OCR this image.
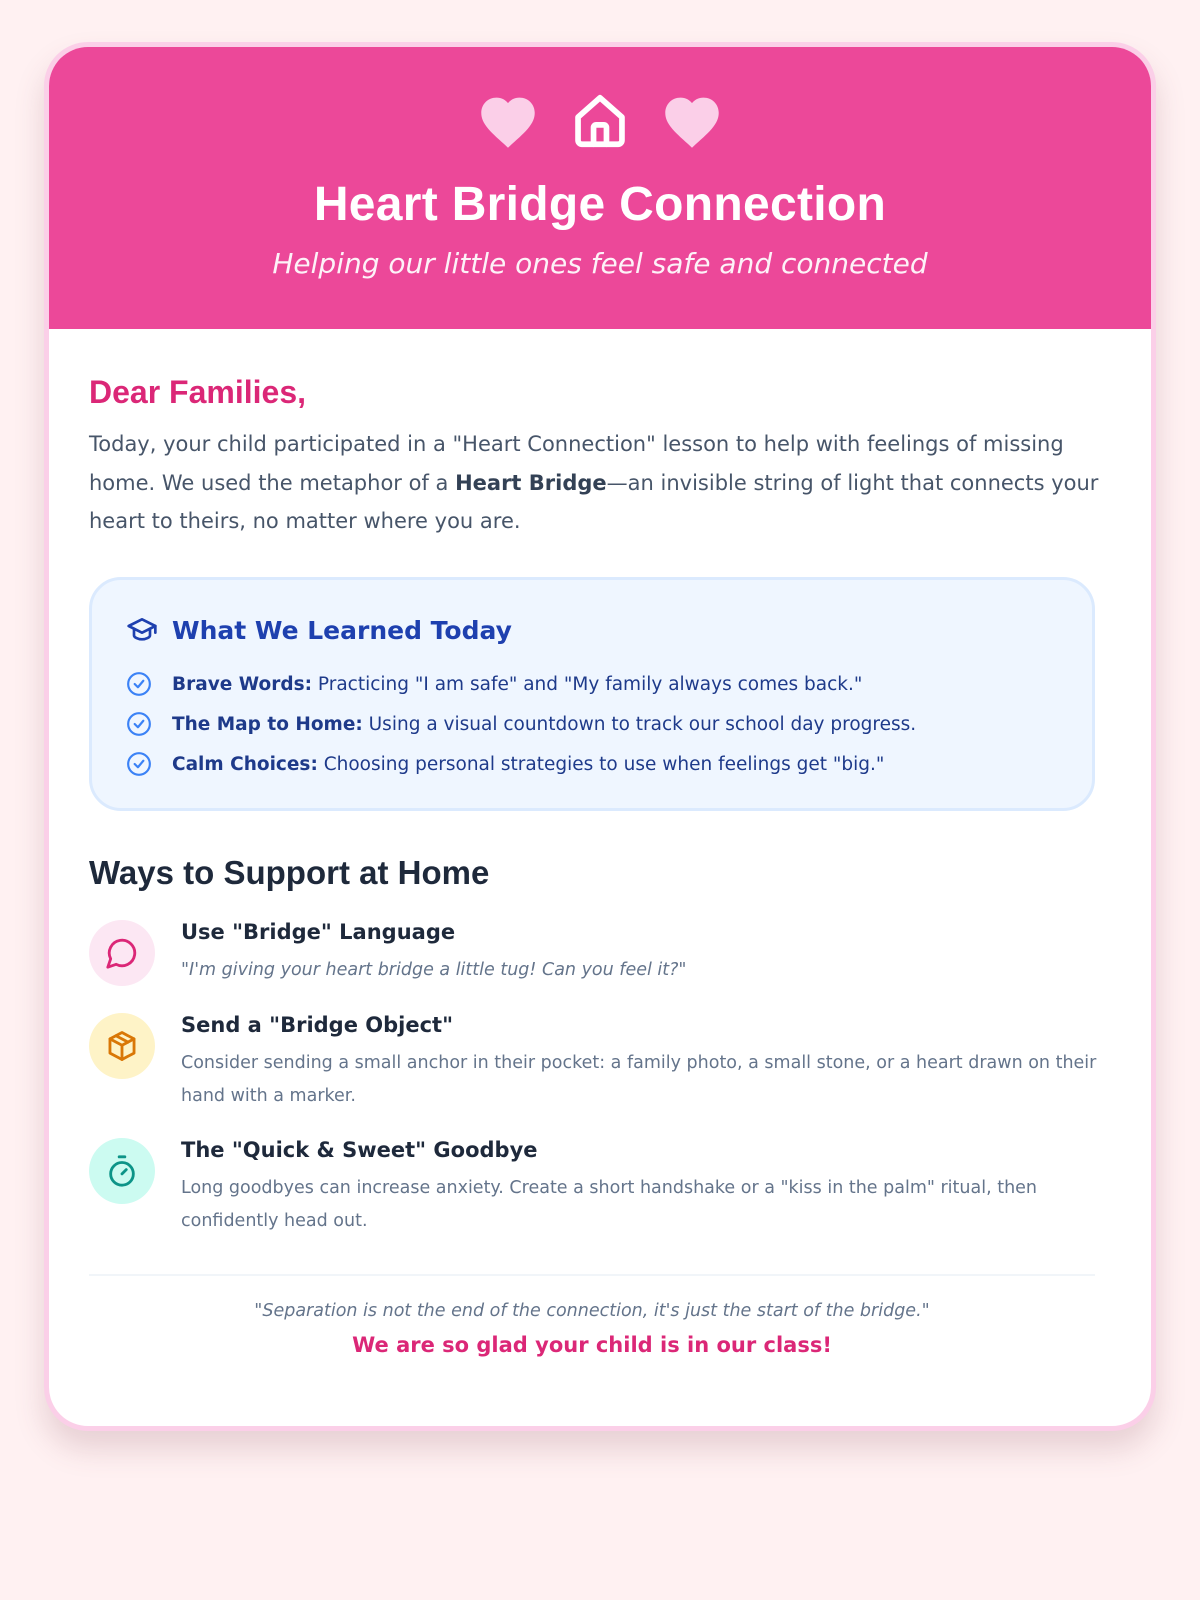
Heart Bridge Connection
Helping our little ones feel safe and connected
Dear Families,
Today, your child participated in a "Heart Connection" lesson to help with feelings of missing home. We used the metaphor of a Heart Bridge—an invisible string of light that connects your heart to theirs, no matter where you are.
What We Learned Today
Brave Words: Practicing "I am safe" and "My family always comes back."
The Map to Home: Using a visual countdown to track our school day progress.
Calm Choices: Choosing personal strategies to use when feelings get "big."
Ways to Support at Home
Use "Bridge" Language
"I'm giving your heart bridge a little tug! Can you feel it?"
Send a "Bridge Object"
Consider sending a small anchor in their pocket: a family photo, a small stone, or a heart drawn on their hand with a marker.
The "Quick & Sweet" Goodbye
Long goodbyes can increase anxiety. Create a short handshake or a "kiss in the palm" ritual, then confidently head out.
"Separation is not the end of the connection, it's just the start of the bridge."
We are so glad your child is in our class!
